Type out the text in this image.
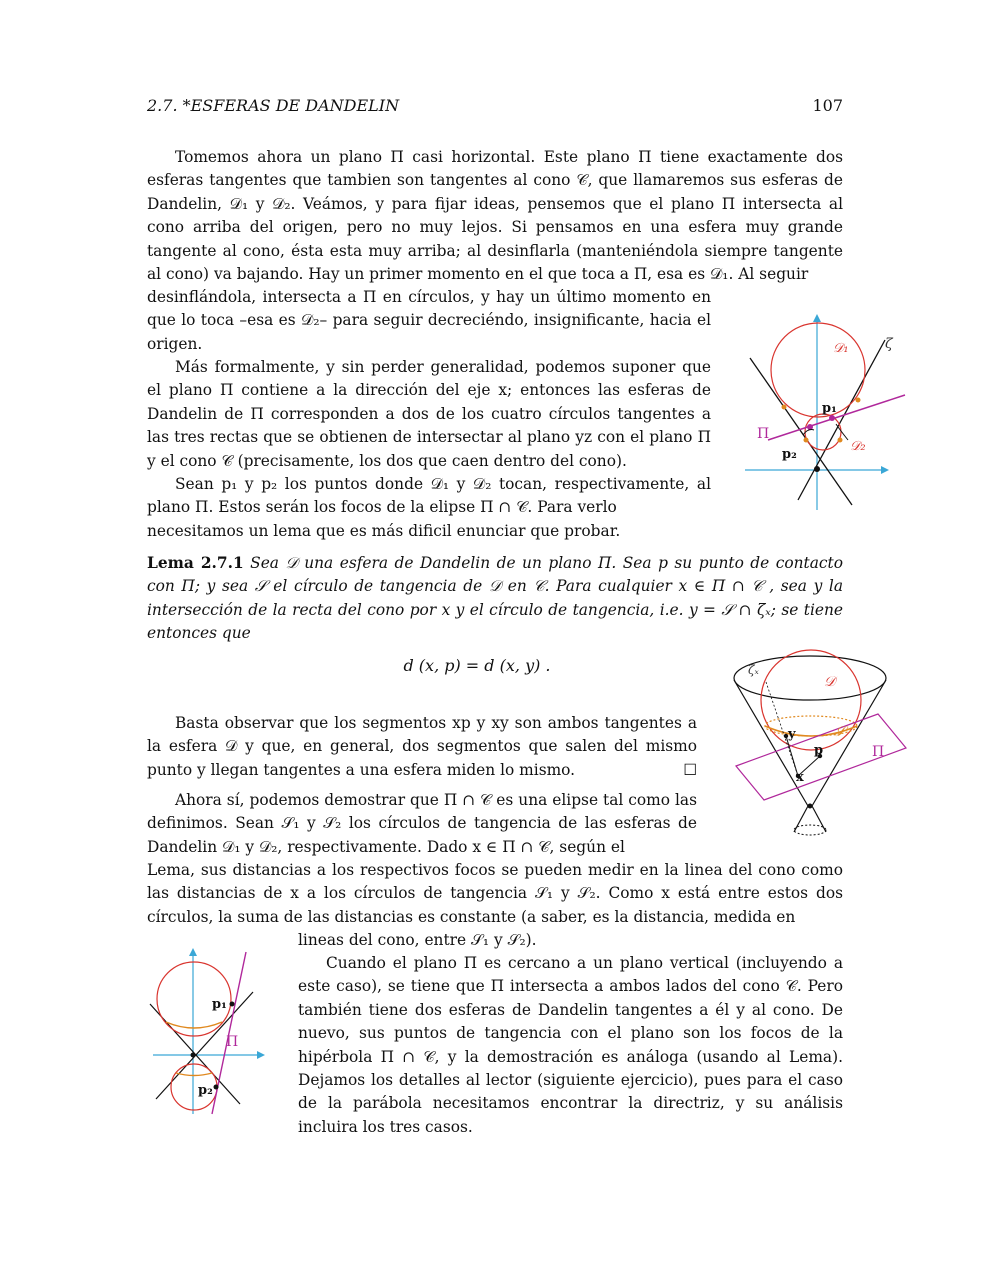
2.7. *ESFERAS DE DANDELIN	107

Tomemos ahora un plano Π casi horizontal. Este plano Π tiene exactamente dos esferas tangentes que tambien son tangentes al cono 𝒞, que llamaremos sus esferas de Dandelin, 𝒟₁ y 𝒟₂. Veámos, y para fijar ideas, pensemos que el plano Π intersecta al cono arriba del origen, pero no muy lejos. Si pensamos en una esfera muy grande tangente al cono, ésta esta muy arriba; al desinflarla (manteniéndola siempre tangente al cono) va bajando. Hay un primer momento en el que toca a Π, esa es 𝒟₁. Al seguir

desinflándola, intersecta a Π en círculos, y hay un último momento en que lo toca –esa es 𝒟₂– para seguir decreciéndo, insignificante, hacia el origen.

Más formalmente, y sin perder generalidad, podemos suponer que el plano Π contiene a la dirección del eje x; entonces las esferas de Dandelin de Π corresponden a dos de los cuatro círculos tangentes a las tres rectas que se obtienen de intersectar al plano yz con el plano Π y el cono 𝒞 (precisamente, los dos que caen dentro del cono).

Sean p₁ y p₂ los puntos donde 𝒟₁ y 𝒟₂ tocan, respectivamente, al plano Π. Estos serán los focos de la elipse Π ∩ 𝒞. Para verlo

necesitamos un lema que es más dificil enunciar que probar.

Lema 2.7.1 Sea 𝒟 una esfera de Dandelin de un plano Π. Sea p su punto de contacto con Π; y sea 𝒮 el círculo de tangencia de 𝒟 en 𝒞. Para cualquier x ∈ Π ∩ 𝒞 , sea y la intersección de la recta del cono por x y el círculo de tangencia, i.e. y = 𝒮 ∩ ζₓ; se tiene entonces que

d (x, p) = d (x, y) .

Basta observar que los segmentos xp y xy son ambos tangentes a la esfera 𝒟 y que, en general, dos segmentos que salen del mismo punto y llegan tangentes a una esfera miden lo mismo.	☐

Ahora sí, podemos demostrar que Π ∩ 𝒞 es una elipse tal como las definimos. Sean 𝒮₁ y 𝒮₂ los círculos de tangencia de las esferas de Dandelin 𝒟₁ y 𝒟₂, respectivamente. Dado x ∈ Π ∩ 𝒞, según el

Lema, sus distancias a los respectivos focos se pueden medir en la linea del cono como las distancias de x a los círculos de tangencia 𝒮₁ y 𝒮₂. Como x está entre estos dos círculos, la suma de las distancias es constante (a saber, es la distancia, medida en

lineas del cono, entre 𝒮₁ y 𝒮₂).

Cuando el plano Π es cercano a un plano vertical (incluyendo a este caso), se tiene que Π intersecta a ambos lados del cono 𝒞. Pero también tiene dos esferas de Dandelin tangentes a él y al cono. De nuevo, sus puntos de tangencia con el plano son los focos de la hipérbola Π ∩ 𝒞, y la demostración es análoga (usando al Lema). Dejamos los detalles al lector (siguiente ejercicio), pues para el caso de la parábola necesitamos encontrar la directriz, y su análisis incluira los tres casos.

𝒟₁	ζ
p₁
p₂
Π
𝒟₂
ζₓ
𝒟
y
p
x
𝒮
Π
p₁
p₂
Π
